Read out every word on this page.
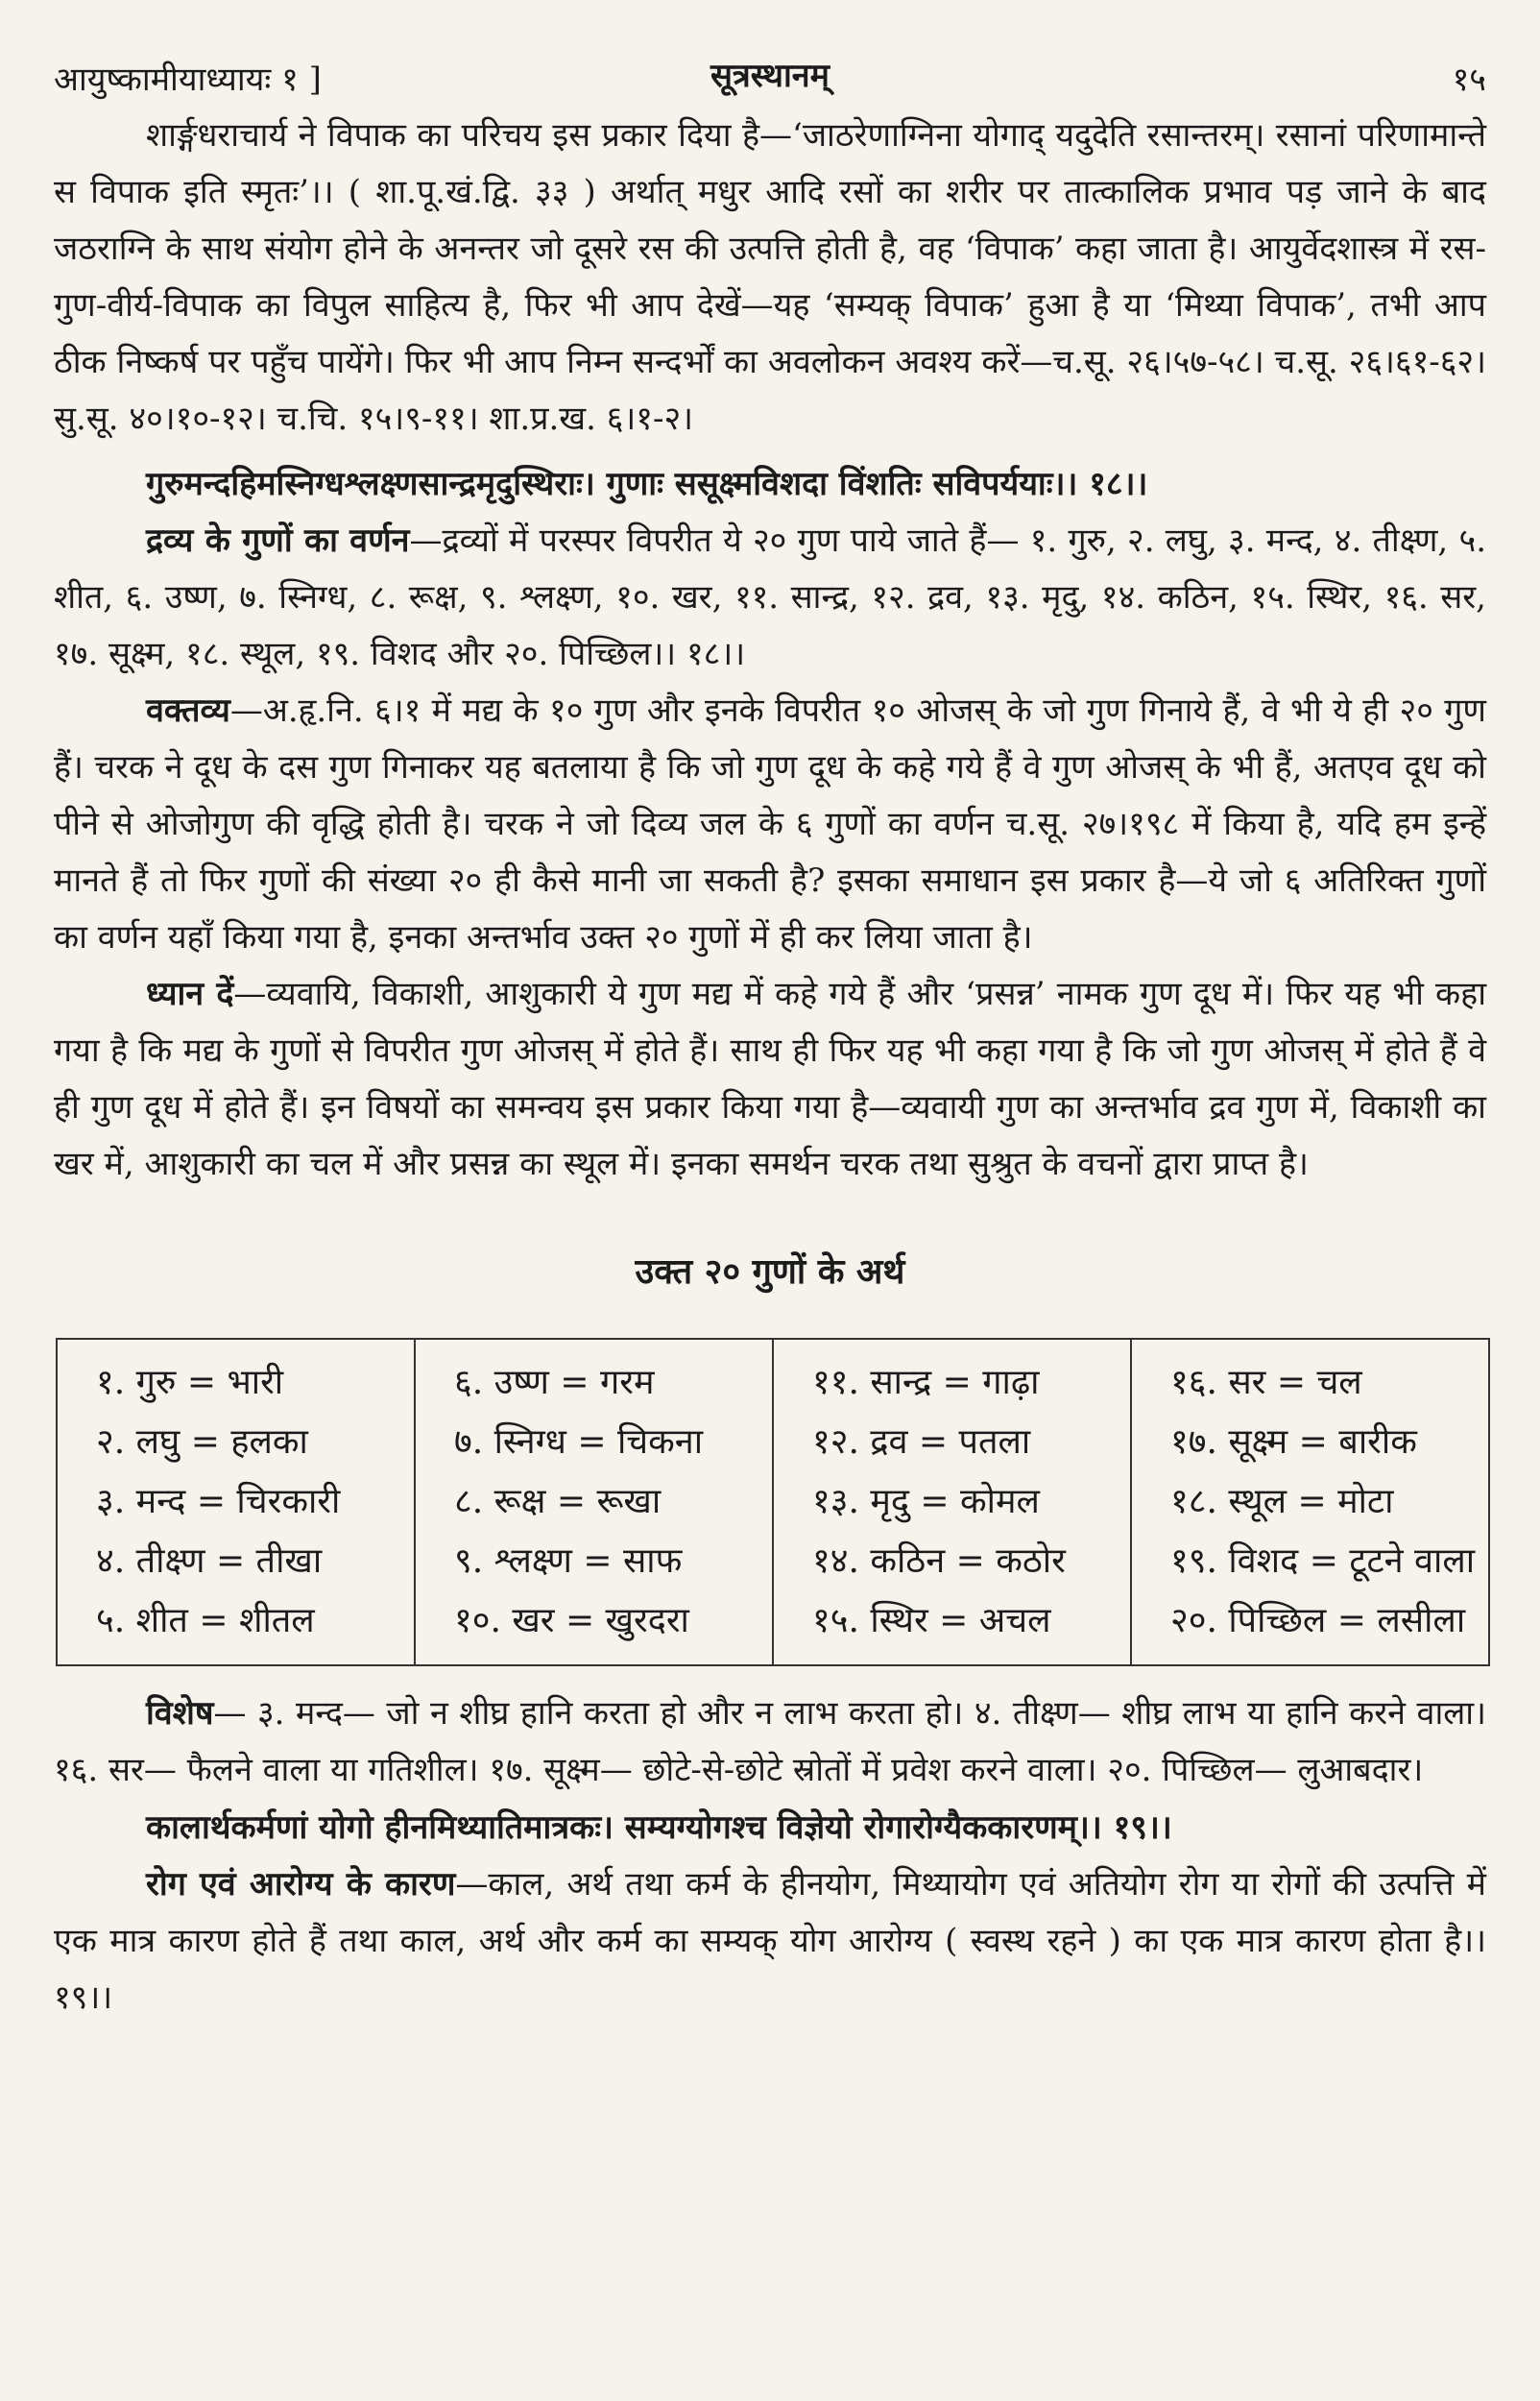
आयुष्कामीयाध्यायः १ ]	सूत्रस्थानम्	१५

शार्ङ्गधराचार्य ने विपाक का परिचय इस प्रकार दिया है—‘जाठरेणाग्निना योगाद् यदुदेति रसान्तरम्। रसानां परिणामान्ते स विपाक इति स्मृतः’।। ( शा.पू.खं.द्वि. ३३ ) अर्थात् मधुर आदि रसों का शरीर पर तात्कालिक प्रभाव पड़ जाने के बाद जठराग्नि के साथ संयोग होने के अनन्तर जो दूसरे रस की उत्पत्ति होती है, वह ‘विपाक’ कहा जाता है। आयुर्वेदशास्त्र में रस-गुण-वीर्य-विपाक का विपुल साहित्य है, फिर भी आप देखें—यह ‘सम्यक् विपाक’ हुआ है या ‘मिथ्या विपाक’, तभी आप ठीक निष्कर्ष पर पहुँच पायेंगे। फिर भी आप निम्न सन्दर्भों का अवलोकन अवश्य करें—च.सू. २६।५७-५८। च.सू. २६।६१-६२। सु.सू. ४०।१०-१२। च.चि. १५।९-११। शा.प्र.ख. ६।१-२।

गुरुमन्दहिमस्निग्धश्लक्ष्णसान्द्रमृदुस्थिराः। गुणाः ससूक्ष्मविशदा विंशतिः सविपर्ययाः।। १८।।

द्रव्य के गुणों का वर्णन—द्रव्यों में परस्पर विपरीत ये २० गुण पाये जाते हैं— १. गुरु, २. लघु, ३. मन्द, ४. तीक्ष्ण, ५. शीत, ६. उष्ण, ७. स्निग्ध, ८. रूक्ष, ९. श्लक्ष्ण, १०. खर, ११. सान्द्र, १२. द्रव, १३. मृदु, १४. कठिन, १५. स्थिर, १६. सर, १७. सूक्ष्म, १८. स्थूल, १९. विशद और २०. पिच्छिल।। १८।।

वक्तव्य—अ.हृ.नि. ६।१ में मद्य के १० गुण और इनके विपरीत १० ओजस् के जो गुण गिनाये हैं, वे भी ये ही २० गुण हैं। चरक ने दूध के दस गुण गिनाकर यह बतलाया है कि जो गुण दूध के कहे गये हैं वे गुण ओजस् के भी हैं, अतएव दूध को पीने से ओजोगुण की वृद्धि होती है। चरक ने जो दिव्य जल के ६ गुणों का वर्णन च.सू. २७।१९८ में किया है, यदि हम इन्हें मानते हैं तो फिर गुणों की संख्या २० ही कैसे मानी जा सकती है? इसका समाधान इस प्रकार है—ये जो ६ अतिरिक्त गुणों का वर्णन यहाँ किया गया है, इनका अन्तर्भाव उक्त २० गुणों में ही कर लिया जाता है।

ध्यान दें—व्यवायि, विकाशी, आशुकारी ये गुण मद्य में कहे गये हैं और ‘प्रसन्न’ नामक गुण दूध में। फिर यह भी कहा गया है कि मद्य के गुणों से विपरीत गुण ओजस् में होते हैं। साथ ही फिर यह भी कहा गया है कि जो गुण ओजस् में होते हैं वे ही गुण दूध में होते हैं। इन विषयों का समन्वय इस प्रकार किया गया है—व्यवायी गुण का अन्तर्भाव द्रव गुण में, विकाशी का खर में, आशुकारी का चल में और प्रसन्न का स्थूल में। इनका समर्थन चरक तथा सुश्रुत के वचनों द्वारा प्राप्त है।

उक्त २० गुणों के अर्थ
१. गुरु = भारी
२. लघु = हलका
३. मन्द = चिरकारी
४. तीक्ष्ण = तीखा
५. शीत = शीतल

६. उष्ण = गरम
७. स्निग्ध = चिकना
८. रूक्ष = रूखा
९. श्लक्ष्ण = साफ
१०. खर = खुरदरा

११. सान्द्र = गाढ़ा
१२. द्रव = पतला
१३. मृदु = कोमल
१४. कठिन = कठोर
१५. स्थिर = अचल

१६. सर = चल
१७. सूक्ष्म = बारीक
१८. स्थूल = मोटा
१९. विशद = टूटने वाला
२०. पिच्छिल = लसीला

विशेष— ३. मन्द— जो न शीघ्र हानि करता हो और न लाभ करता हो। ४. तीक्ष्ण— शीघ्र लाभ या हानि करने वाला। १६. सर— फैलने वाला या गतिशील। १७. सूक्ष्म— छोटे-से-छोटे स्रोतों में प्रवेश करने वाला। २०. पिच्छिल— लुआबदार।

कालार्थकर्मणां योगो हीनमिथ्यातिमात्रकः। सम्यग्योगश्च विज्ञेयो रोगारोग्यैककारणम्।। १९।।

रोग एवं आरोग्य के कारण—काल, अर्थ तथा कर्म के हीनयोग, मिथ्यायोग एवं अतियोग रोग या रोगों की उत्पत्ति में एक मात्र कारण होते हैं तथा काल, अर्थ और कर्म का सम्यक् योग आरोग्य ( स्वस्थ रहने ) का एक मात्र कारण होता है।। १९।।
